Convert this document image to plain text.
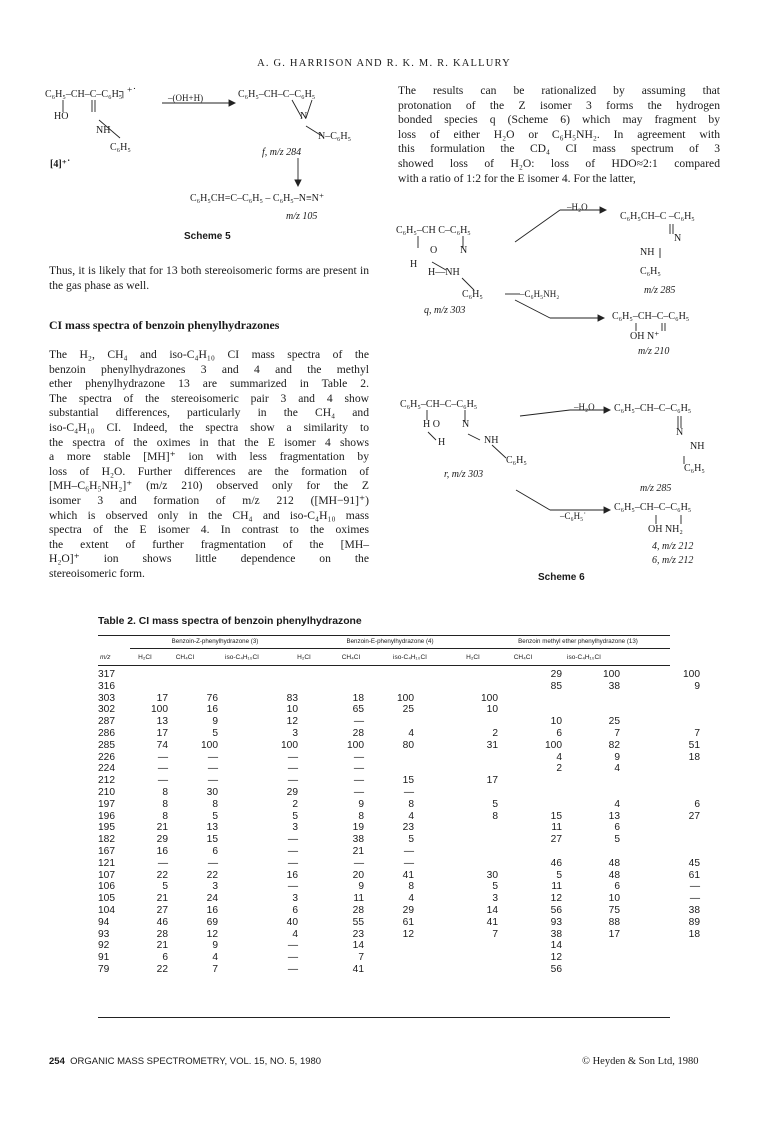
A. G. HARRISON AND R. K. M. R. KALLURY
C₆H₅–CH–C–C₆H₅
┐⁺˙
HO
NH
C₆H₅
[4]⁺˙
–(OH+H)	C₆H₅–CH–C–C₆H₅
N
N–C₆H₅
f, m/z 284
C₆H₅CH=C–C₆H₅ – C₆H₅–N≡N⁺
m/z 105
Scheme 5
Thus, it is likely that for 13 both stereoisomeric forms are present in the gas phase as well.
CI mass spectra of benzoin phenylhydrazones
The H₂, CH₄ and iso-C₄H₁₀ CI mass spectra of the
benzoin phenylhydrazones 3 and 4 and the methyl
ether phenylhydrazone 13 are summarized in Table 2.
The spectra of the stereoisomeric pair 3 and 4 show
substantial differences, particularly in the CH₄ and
iso-C₄H₁₀ CI. Indeed, the spectra show a similarity to
the spectra of the oximes in that the E isomer 4 shows
a more stable [MH]⁺ ion with less fragmentation by
loss of H₂O. Further differences are the formation of
[MH–C₆H₅NH₂]⁺ (m/z 210) observed only for the Z
isomer 3 and formation of m/z 212 ([MH−91]⁺)
which is observed only in the CH₄ and iso-C₄H₁₀ mass
spectra of the E isomer 4. In contrast to the oximes
the extent of further fragmentation of the [MH–
H₂O]⁺ ion shows little dependence on the
stereoisomeric form.
The results can be rationalized by assuming that
protonation of the Z isomer 3 forms the hydrogen
bonded species q (Scheme 6) which may fragment by
loss of either H₂O or C₆H₅NH₂. In agreement with
this formulation the CD₄ CI mass spectrum of 3
showed loss of H₂O: loss of HDO≈2:1 compared
with a ratio of 1:2 for the E isomer 4. For the latter,
C₆H₅–CH C–C₆H₅
O N
H
H––NH
C₆H₅
q, m/z 303
–H₂O
–C₆H₅NH₂
C₆H₅CH–C –C₆H₅
N
NH
C₆H₅
m/z 285
C₆H₅–CH–C–C₆H₅
OH N⁺
m/z 210
C₆H₅–CH–C–C₆H₅
H O N
H	NH
C₆H₅
r, m/z 303
–H₂O
–C₆H₅˙
C₆H₅–CH–C–C₆H₅
N
NH
C₆H₅
m/z 285
C₆H₅–CH–C–C₆H₅
OH NH₂
4, m/z 212
6, m/z 212
Scheme 6
Table 2. CI mass spectra of benzoin phenylhydrazone
Benzoin-Z-phenylhydrazone (3)	Benzoin-E-phenylhydrazone (4)	Benzoin methyl ether phenylhydrazone (13)
m/z	H₂CI	CH₄CI	iso-C₄H₁₀CI	H₂CI	CH₄CI	iso-C₄H₁₀CI	H₂CI	CH₄CI	iso-C₄H₁₀CI
317							29	100	100
316							85	38	9
303	17	76	83	18	100	100			
302	100	16	10	65	25	10			
287	13	9	12	—			10	25	
286	17	5	3	28	4	2	6	7	7
285	74	100	100	100	80	31	100	82	51
226	—	—	—	—			4	9	18
224	—	—	—	—			2	4	
212	—	—	—	—	15	17			
210	8	30	29	—	—				
197	8	8	2	9	8	5		4	6
196	8	5	5	8	4	8	15	13	27
195	21	13	3	19	23		11	6	
182	29	15	—	38	5		27	5	
167	16	6	—	21	—				
121	—	—	—	—	—		46	48	45
107	22	22	16	20	41	30	5	48	61
106	5	3	—	9	8	5	11	6	—
105	21	24	3	11	4	3	12	10	—
104	27	16	6	28	29	14	56	75	38
94	46	69	40	55	61	41	93	88	89
93	28	12	4	23	12	7	38	17	18
92	21	9	—	14			14		
91	6	4	—	7			12		
79	22	7	—	41			56		
254 ORGANIC MASS SPECTROMETRY, VOL. 15, NO. 5, 1980	© Heyden & Son Ltd, 1980
